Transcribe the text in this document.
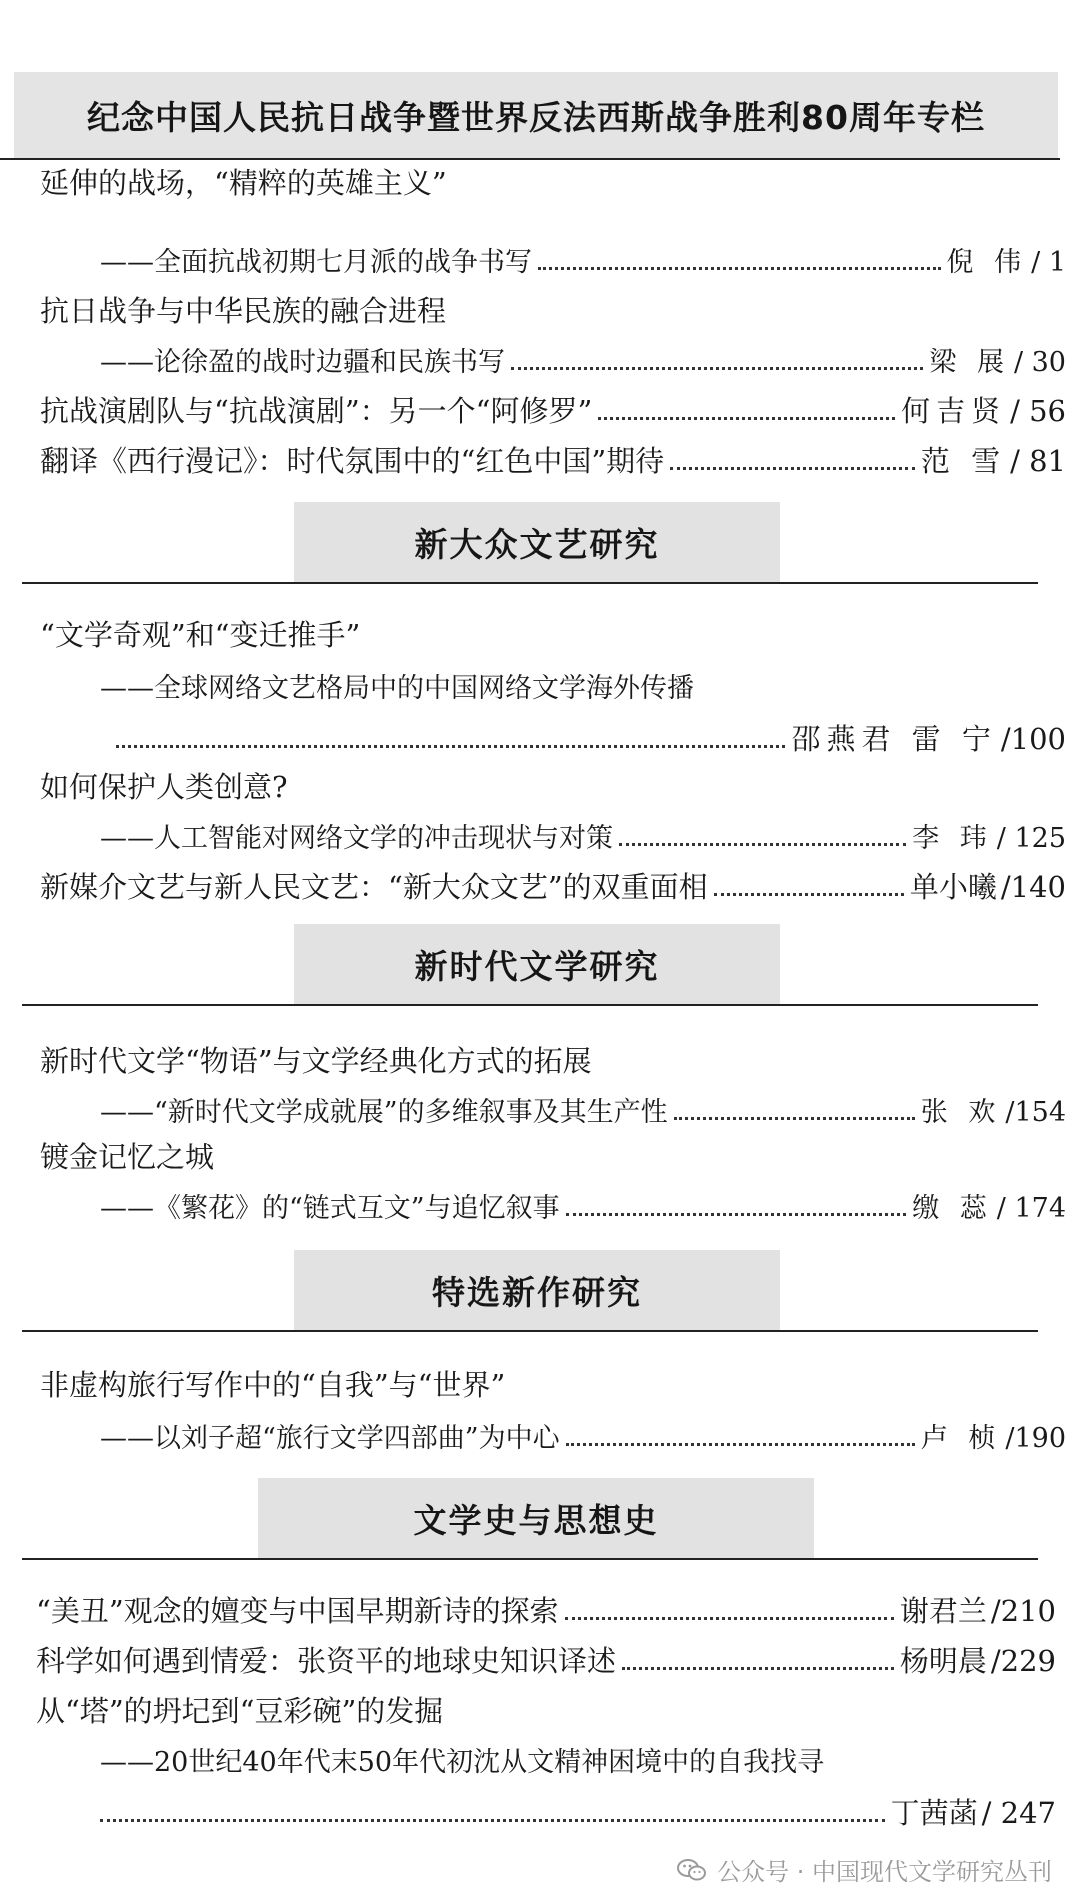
纪念中国人民抗日战争暨世界反法西斯战争胜利80周年专栏
延伸的战场，“精粹的英雄主义”
——全面抗战初期七月派的战争书写	倪 伟 / 1
抗日战争与中华民族的融合进程
——论徐盈的战时边疆和民族书写	梁 展 / 30
抗战演剧队与“抗战演剧”：另一个“阿修罗”	何吉贤 / 56
翻译《西行漫记》：时代氛围中的“红色中国”期待	范 雪 / 81
新大众文艺研究
“文学奇观”和“变迁推手”
——全球网络文艺格局中的中国网络文学海外传播
邵燕君 雷 宁 /100
如何保护人类创意?
——人工智能对网络文学的冲击现状与对策	李 玮 / 125
新媒介文艺与新人民文艺：“新大众文艺”的双重面相	单小曦 /140
新时代文学研究
新时代文学“物语”与文学经典化方式的拓展
——“新时代文学成就展”的多维叙事及其生产性	张 欢 /154
镀金记忆之城
——《繁花》的“链式互文”与追忆叙事	缴 蕊 / 174
特选新作研究
非虚构旅行写作中的“自我”与“世界”
——以刘子超“旅行文学四部曲”为中心	卢 桢 /190
文学史与思想史
“美丑”观念的嬗变与中国早期新诗的探索	谢君兰 /210
科学如何遇到情爱：张资平的地球史知识译述	杨明晨 /229
从“塔”的坍圮到“豆彩碗”的发掘
——20世纪40年代末50年代初沈从文精神困境中的自我找寻
丁茜菡 / 247
公众号 · 中国现代文学研究丛刊
